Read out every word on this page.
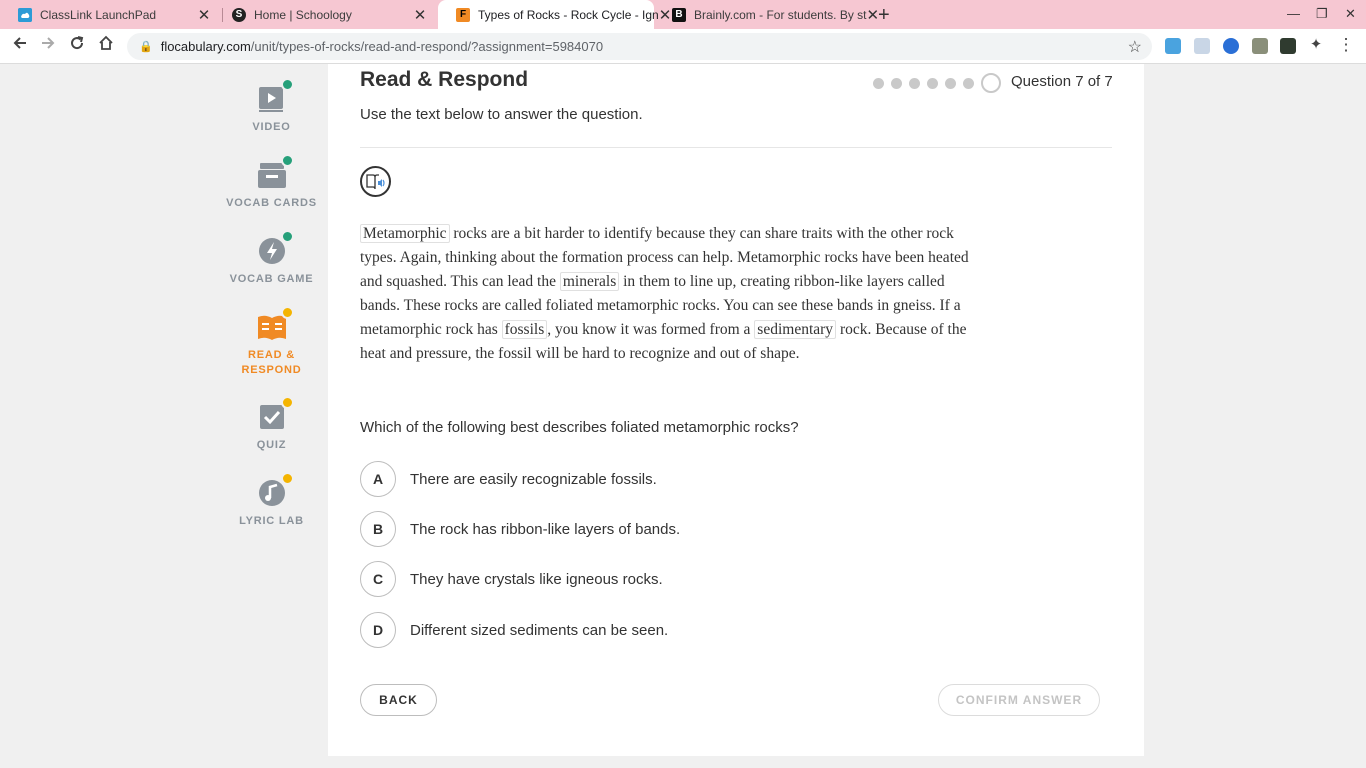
ClassLink LaunchPad	✕	S Home | Schoology	✕	F Types of Rocks - Rock Cycle - Ign ✕ B Brainly.com - For students. By st ✕
+	— ❐ ✕
🔒 flocabulary.com /unit/types-of-rocks/read-and-respond/?assignment=5984070	☆	✦ ⋮
VIDEO
VOCAB CARDS
VOCAB GAME
READ &
RESPOND
QUIZ
LYRIC LAB
Read & Respond	Question 7 of 7
Use the text below to answer the question.
Metamorphic rocks are a bit harder to identify because they can share traits with the other rock types. Again, thinking about the formation process can help. Metamorphic rocks have been heated and squashed. This can lead the minerals in them to line up, creating ribbon-like layers called bands. These rocks are called foliated metamorphic rocks. You can see these bands in gneiss. If a metamorphic rock has fossils , you know it was formed from a sedimentary rock. Because of the heat and pressure, the fossil will be hard to recognize and out of shape.
Which of the following best describes foliated metamorphic rocks?
A	There are easily recognizable fossils.
B	The rock has ribbon-like layers of bands.
C	They have crystals like igneous rocks.
D	Different sized sediments can be seen.
BACK	CONFIRM ANSWER
